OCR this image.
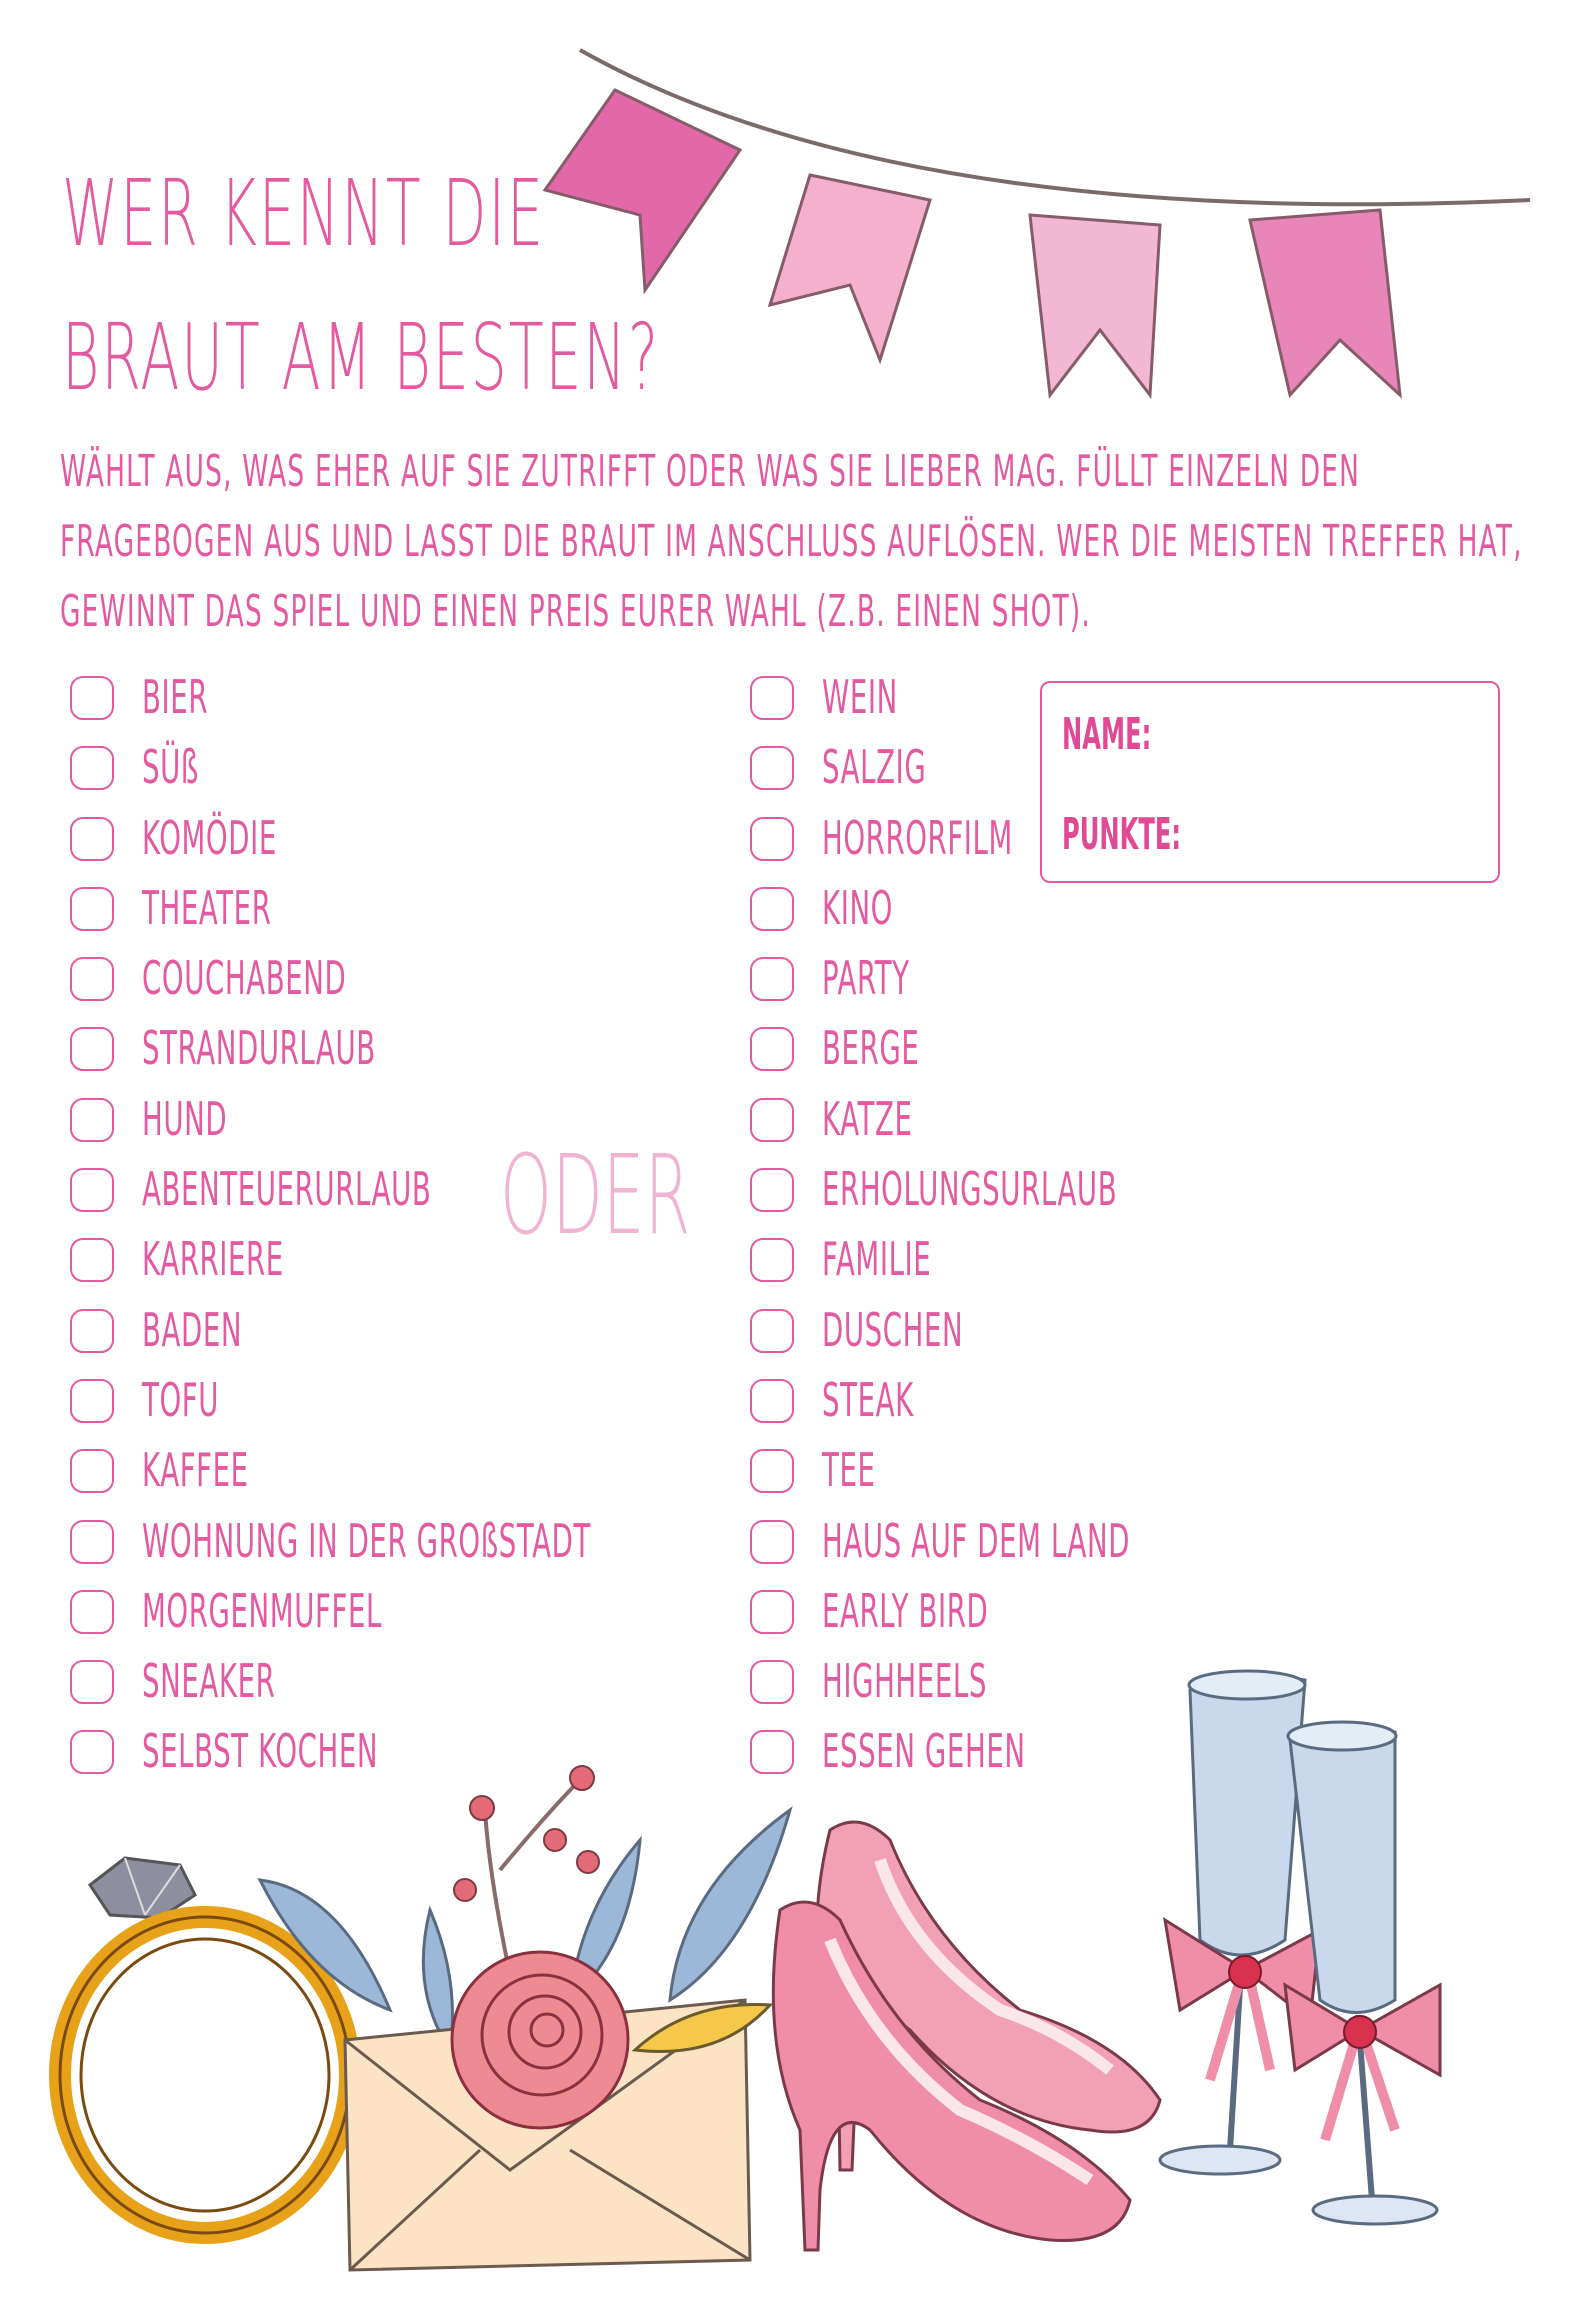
WER KENNT DIE
BRAUT AM BESTEN?
WÄHLT AUS, WAS EHER AUF SIE ZUTRIFFT ODER WAS SIE LIEBER MAG. FÜLLT EINZELN DEN
FRAGEBOGEN AUS UND LASST DIE BRAUT IM ANSCHLUSS AUFLÖSEN. WER DIE MEISTEN TREFFER HAT,
GEWINNT DAS SPIEL UND EINEN PREIS EURER WAHL (Z.B. EINEN SHOT).
BIER
SÜß
KOMÖDIE
THEATER
COUCHABEND
STRANDURLAUB
HUND
ABENTEUERURLAUB
KARRIERE
BADEN
TOFU
KAFFEE
WOHNUNG IN DER GROßSTADT
MORGENMUFFEL
SNEAKER
SELBST KOCHEN
ODER
WEIN
SALZIG
HORRORFILM
KINO
PARTY
BERGE
KATZE
ERHOLUNGSURLAUB
FAMILIE
DUSCHEN
STEAK
TEE
HAUS AUF DEM LAND
EARLY BIRD
HIGHHEELS
ESSEN GEHEN
NAME:
PUNKTE:
